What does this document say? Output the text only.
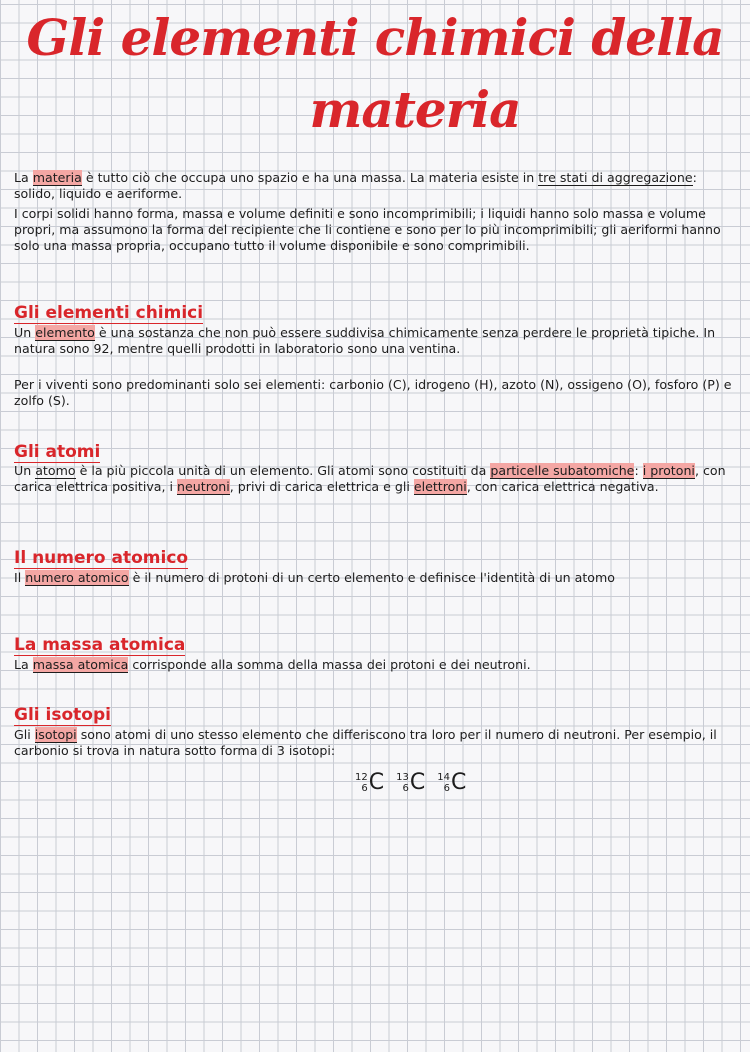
Gli elementi chimici della
materia

La materia è tutto ciò che occupa uno spazio e ha una massa. La materia esiste in tre stati di aggregazione: solido, liquido e aeriforme.

I corpi solidi hanno forma, massa e volume definiti e sono incomprimibili; i liquidi hanno solo massa e volume propri, ma assumono la forma del recipiente che li contiene e sono per lo più incomprimibili; gli aeriformi hanno solo una massa propria, occupano tutto il volume disponibile e sono comprimibili.

Gli elementi chimici

Un elemento è una sostanza che non può essere suddivisa chimicamente senza perdere le proprietà tipiche. In natura sono 92, mentre quelli prodotti in laboratorio sono una ventina.

Per i viventi sono predominanti solo sei elementi: carbonio (C), idrogeno (H), azoto (N), ossigeno (O), fosforo (P) e zolfo (S).

Gli atomi

Un atomo è la più piccola unità di un elemento. Gli atomi sono costituiti da particelle subatomiche: i protoni, con carica elettrica positiva, i neutroni, privi di carica elettrica e gli elettroni, con carica elettrica negativa.

Il numero atomico

Il numero atomico è il numero di protoni di un certo elemento e definisce l'identità di un atomo

La massa atomica

La massa atomica corrisponde alla somma della massa dei protoni e dei neutroni.

Gli isotopi

Gli isotopi sono atomi di uno stesso elemento che differiscono tra loro per il numero di neutroni. Per esempio, il carbonio si trova in natura sotto forma di 3 isotopi:

12
6 C 13
6 C 14
6 C
